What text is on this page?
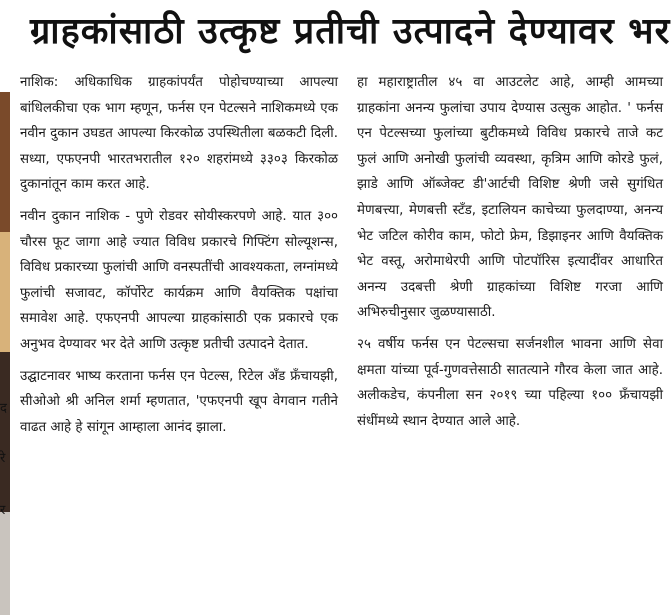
द
रे
र
ग्राहकांसाठी उत्कृष्ट प्रतीची उत्पादने देण्यावर भर

नाशिक: अधिकाधिक ग्राहकांपर्यंत पोहोचण्याच्या आपल्या बांधिलकीचा एक भाग म्हणून, फर्नस एन पेटल्सने नाशिकमध्ये एक नवीन दुकान उघडत आपल्या किरकोळ उपस्थितीला बळकटी दिली. सध्या, एफएनपी भारतभरातील १२० शहरांमध्ये ३३०३ किरकोळ दुकानांतून काम करत आहे.

नवीन दुकान नाशिक - पुणे रोडवर सोयीस्करपणे आहे. यात ३०० चौरस फूट जागा आहे ज्यात विविध प्रकारचे गिफ्टिंग सोल्यूशन्स, विविध प्रकारच्या फुलांची आणि वनस्पतींची आवश्यकता, लग्नांमध्ये फुलांची सजावट, कॉर्पोरेट कार्यक्रम आणि वैयक्तिक पक्षांचा समावेश आहे. एफएनपी आपल्या ग्राहकांसाठी एक प्रकारचे एक अनुभव देण्यावर भर देते आणि उत्कृष्ट प्रतीची उत्पादने देतात.

उद्घाटनावर भाष्य करताना फर्नस एन पेटल्स, रिटेल अँड फ्रँचायझी, सीओओ श्री अनिल शर्मा म्हणतात, 'एफएनपी खूप वेगवान गतीने वाढत आहे हे सांगून आम्हाला आनंद झाला.

हा महाराष्ट्रातील ४५ वा आउटलेट आहे, आम्ही आमच्या ग्राहकांना अनन्य फुलांचा उपाय देण्यास उत्सुक आहोत. ' फर्नस एन पेटल्सच्या फुलांच्या बुटीकमध्ये विविध प्रकारचे ताजे कट फुलं आणि अनोखी फुलांची व्यवस्था, कृत्रिम आणि कोरडे फुलं, झाडे आणि ऑब्जेक्ट डी'आर्टची विशिष्ट श्रेणी जसे सुगंधित मेणबत्त्या, मेणबत्ती स्टँड, इटालियन काचेच्या फुलदाण्या, अनन्य भेट जटिल कोरीव काम, फोटो फ्रेम, डिझाइनर आणि वैयक्तिक भेट वस्तू, अरोमाथेरपी आणि पोटपॉरिस इत्यादींवर आधारित अनन्य उदबत्ती श्रेणी ग्राहकांच्या विशिष्ट गरजा आणि अभिरुचीनुसार जुळण्यासाठी.

२५ वर्षीय फर्नस एन पेटल्सचा सर्जनशील भावना आणि सेवा क्षमता यांच्या पूर्व-गुणवत्तेसाठी सातत्याने गौरव केला जात आहे. अलीकडेच, कंपनीला सन २०१९ च्या पहिल्या १०० फ्रँचायझी संधींमध्ये स्थान देण्यात आले आहे.
